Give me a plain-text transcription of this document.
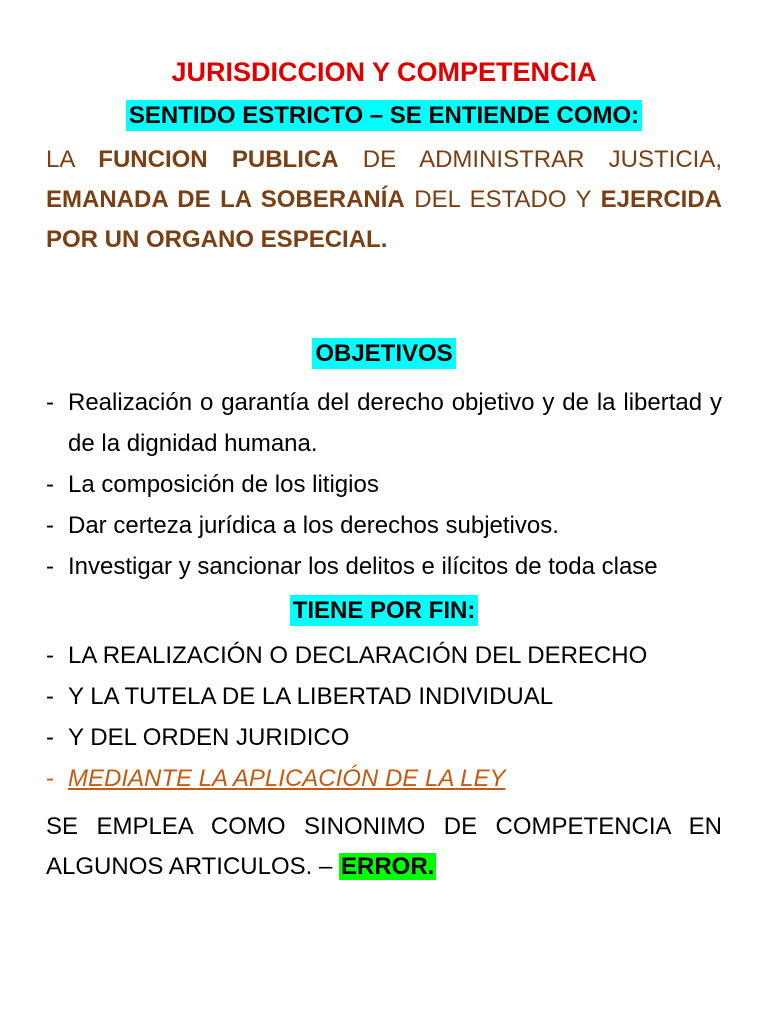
JURISDICCION Y COMPETENCIA

SENTIDO ESTRICTO – SE ENTIENDE COMO:

LA FUNCION PUBLICA DE ADMINISTRAR JUSTICIA, EMANADA DE LA SOBERANÍA DEL ESTADO Y EJERCIDA POR UN ORGANO ESPECIAL.

OBJETIVOS

- Realización o garantía del derecho objetivo y de la libertad y de la dignidad humana.
- La composición de los litigios
- Dar certeza jurídica a los derechos subjetivos.
- Investigar y sancionar los delitos e ilícitos de toda clase

TIENE POR FIN:

- LA REALIZACIÓN O DECLARACIÓN DEL DERECHO
- Y LA TUTELA DE LA LIBERTAD INDIVIDUAL
- Y DEL ORDEN JURIDICO
- MEDIANTE LA APLICACIÓN DE LA LEY

SE EMPLEA COMO SINONIMO DE COMPETENCIA EN ALGUNOS ARTICULOS. – ERROR.
